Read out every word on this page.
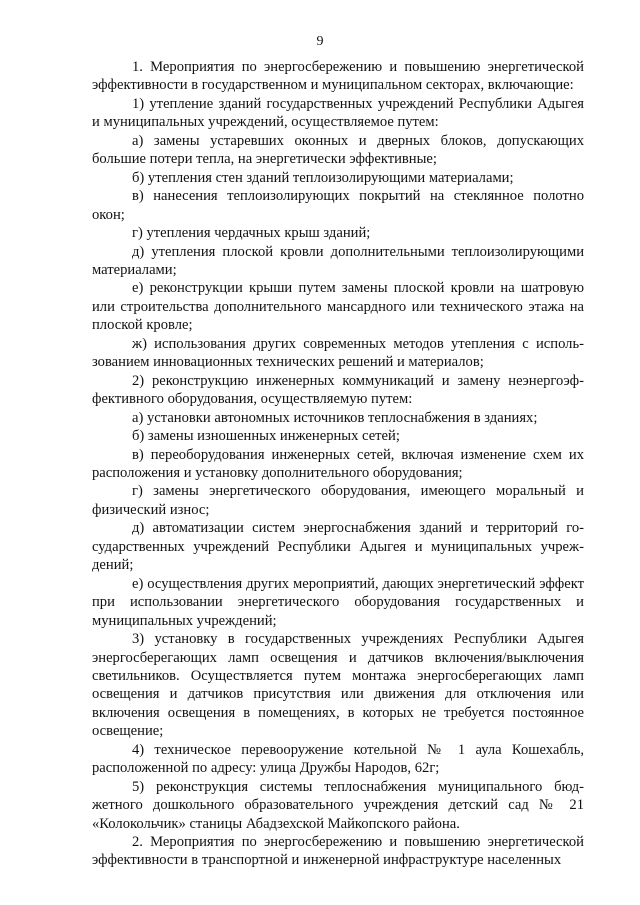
9

1. Мероприятия по энергосбережению и повышению энергетической эффективности в государственном и муниципальном секторах, включающие:

1) утепление зданий государственных учреждений Республики Адыгея и муниципальных учреждений, осуществляемое путем:

а) замены устаревших оконных и дверных блоков, допускающих большие потери тепла, на энергетически эффективные;

б) утепления стен зданий теплоизолирующими материалами;

в) нанесения теплоизолирующих покрытий на стеклянное полотно окон;

г) утепления чердачных крыш зданий;

д) утепления плоской кровли дополнительными теплоизолирующими материалами;

е) реконструкции крыши путем замены плоской кровли на шатровую или строительства дополнительного мансардного или технического этажа на плоской кровле;

ж) использования других современных методов утепления с использованием инновационных технических решений и материалов;

2) реконструкцию инженерных коммуникаций и замену неэнергоэффективного оборудования, осуществляемую путем:

а) установки автономных источников теплоснабжения в зданиях;

б) замены изношенных инженерных сетей;

в) переоборудования инженерных сетей, включая изменение схем их расположения и установку дополнительного оборудования;

г) замены энергетического оборудования, имеющего моральный и физический износ;

д) автоматизации систем энергоснабжения зданий и территорий государственных учреждений Республики Адыгея и муниципальных учреждений;

е) осуществления других мероприятий, дающих энергетический эффект при использовании энергетического оборудования государственных и муниципальных учреждений;

3) установку в государственных учреждениях Республики Адыгея энергосберегающих ламп освещения и датчиков включения/выключения светильников. Осуществляется путем монтажа энергосберегающих ламп освещения и датчиков присутствия или движения для отключения или включения освещения в помещениях, в которых не требуется постоянное освещение;

4) техническое перевооружение котельной № 1 аула Кошехабль, расположенной по адресу: улица Дружбы Народов, 62г;

5) реконструкция системы теплоснабжения муниципального бюджетного дошкольного образовательного учреждения детский сад № 21 «Колокольчик» станицы Абадзехской Майкопского района.

2. Мероприятия по энергосбережению и повышению энергетической эффективности в транспортной и инженерной инфраструктуре населенных
